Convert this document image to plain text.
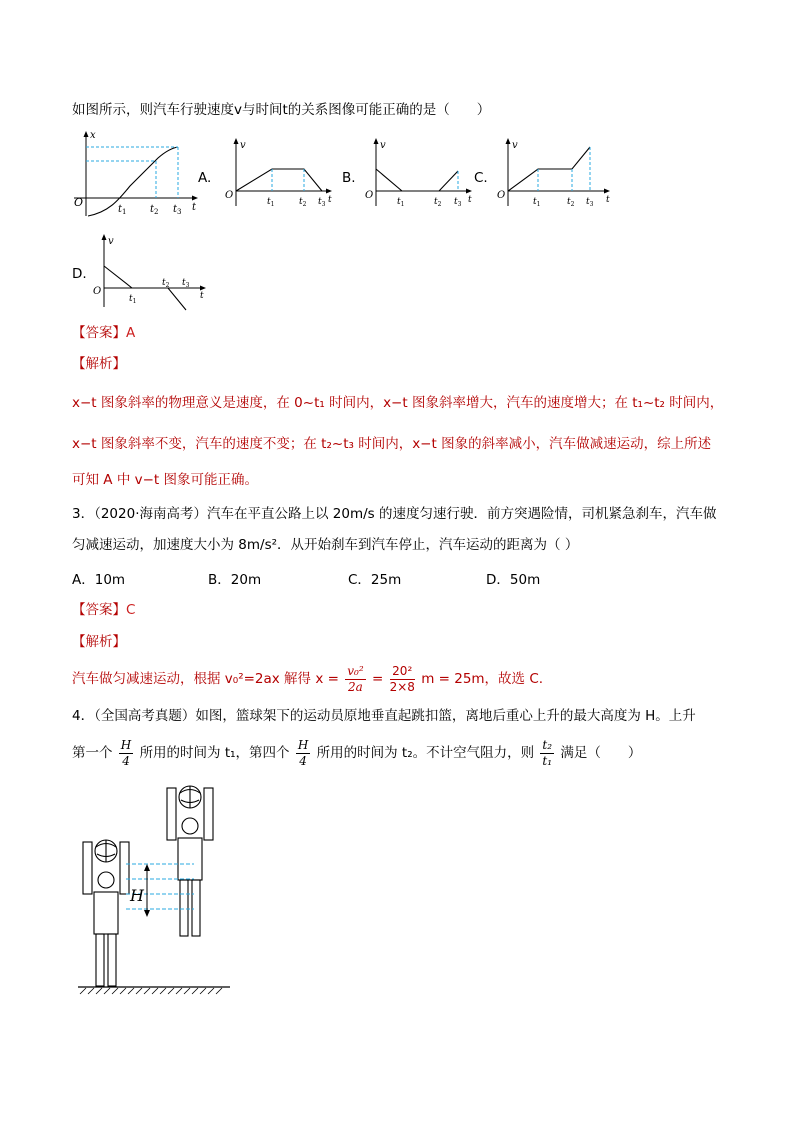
如图所示，则汽车行驶速度v与时间t的关系图像可能正确的是（　　）
x
O
$t_1$ $t_2$ $t_3$ t
A.
v
O
$t_1$	$t_2$ $t_3$ t
B.
v
O
$t_1$	$t_2$ $t_3$ t
C.
v
O
$t_1$	$t_2$ $t_3$ t
D.
v
O
$t_1$
$t_2$ $t_3$
t
【答案】A
【解析】
x−t 图象斜率的物理意义是速度，在 0~t₁ 时间内，x−t 图象斜率增大，汽车的速度增大；在 t₁~t₂ 时间内，
x−t 图象斜率不变，汽车的速度不变；在 t₂~t₃ 时间内，x−t 图象的斜率减小，汽车做减速运动，综上所述
可知 A 中 v−t 图象可能正确。
3．（2020·海南高考）汽车在平直公路上以 20m/s 的速度匀速行驶．前方突遇险情，司机紧急刹车，汽车做
匀减速运动，加速度大小为 8m/s²．从开始刹车到汽车停止，汽车运动的距离为（ ）
A．10m	B．20m	C．25m	D．50m
【答案】C
【解析】
汽车做匀减速运动，根据 v₀²=2ax 解得 $x = \frac{\text{v₀²}}{2a} = \frac{\text{20²}}{2\times 8}$ m = 25m，故选 C.
4．（全国高考真题）如图，篮球架下的运动员原地垂直起跳扣篮，离地后重心上升的最大高度为 H。上升
第一个 $\frac{H}{4}$ 所用的时间为 t₁，第四个 $\frac{H}{4}$ 所用的时间为 t₂。不计空气阻力，则 $\frac{\text{t₂}}{\text{t₁}}$ 满足（　　）
H
